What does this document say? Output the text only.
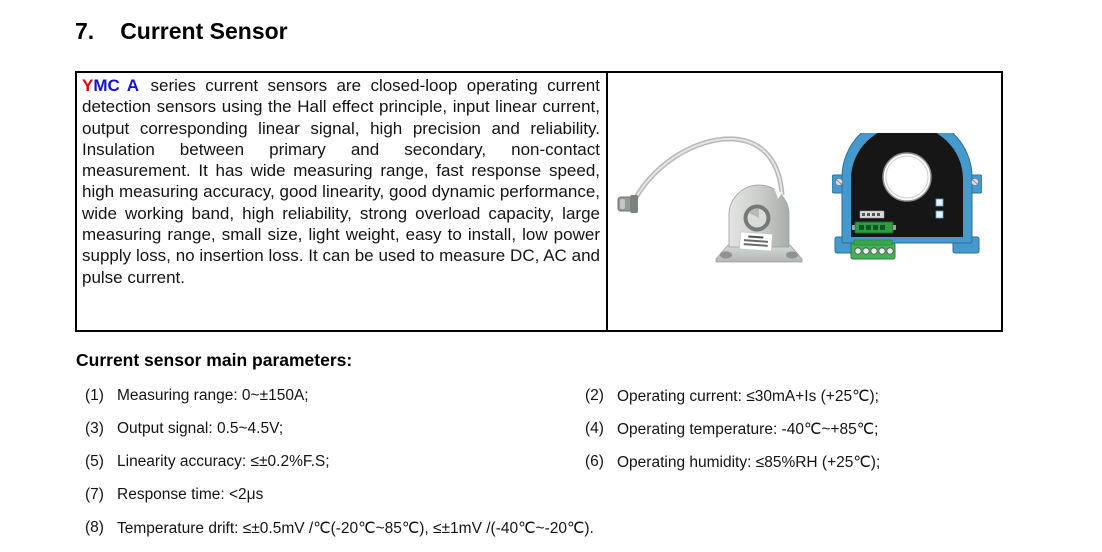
7. Current Sensor
YMC A series current sensors are closed-loop operating current detection sensors using the Hall effect principle, input linear current, output corresponding linear signal, high precision and reliability. Insulation between primary and secondary, non-contact measurement. It has wide measuring range, fast response speed, high measuring accuracy, good linearity, good dynamic performance, wide working band, high reliability, strong overload capacity, large measuring range, small size, light weight, easy to install, low power supply loss, no insertion loss. It can be used to measure DC, AC and pulse current.
Current sensor main parameters:
(1) Measuring range: 0~±150A;	(2) Operating current: ≤30mA+Is (+25℃);
(3) Output signal: 0.5~4.5V;	(4) Operating temperature: -40℃~+85℃;
(5) Linearity accuracy: ≤±0.2%F.S;	(6) Operating humidity: ≤85%RH (+25℃);
(7) Response time: <2μs
(8) Temperature drift: ≤±0.5mV /℃(-20℃~85℃), ≤±1mV /(-40℃~-20℃).
